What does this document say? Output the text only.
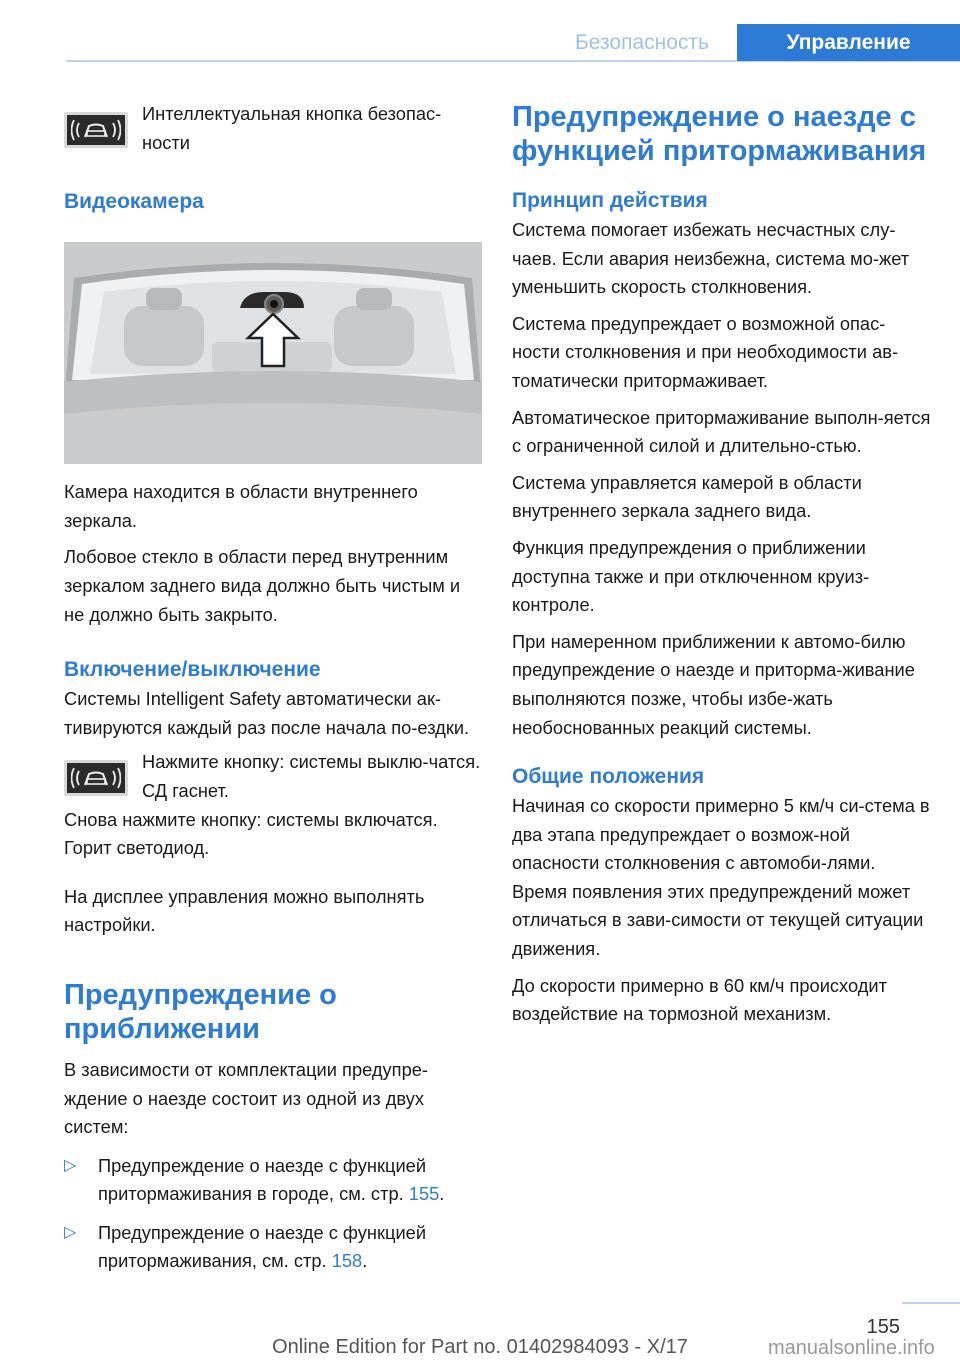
Безопасность	Управление

Интеллектуальная кнопка безопас-
ности

Видеокамера

Камера находится в области внутреннего зеркала.

Лобовое стекло в области перед внутренним зеркалом заднего вида должно быть чистым и не должно быть закрыто.

Включение/выключение

Системы Intelligent Safety автоматически ак-тивируются каждый раз после начала по-ездки.

Нажмите кнопку: системы выклю-чатся. СД гаснет.

Снова нажмите кнопку: системы включатся. Горит светодиод.

На дисплее управления можно выполнять настройки.

Предупреждение о приближении

В зависимости от комплектации предупре-ждение о наезде состоит из одной из двух систем:

▷	Предупреждение о наезде с функцией притормаживания в городе, см. стр. 155.

▷	Предупреждение о наезде с функцией притормаживания, см. стр. 158.

Предупреждение о наезде с функцией притормаживания
Принцип действия

Система помогает избежать несчастных слу-чаев. Если авария неизбежна, система мо-жет уменьшить скорость столкновения.

Система предупреждает о возможной опас-ности столкновения и при необходимости ав-томатически притормаживает.

Автоматическое притормаживание выполн-яется с ограниченной силой и длительно-стью.

Система управляется камерой в области внутреннего зеркала заднего вида.

Функция предупреждения о приближении доступна также и при отключенном круиз-контроле.

При намеренном приближении к автомо-билю предупреждение о наезде и приторма-живание выполняются позже, чтобы избе-жать необоснованных реакций системы.

Общие положения

Начиная со скорости примерно 5 км/ч си-стема в два этапа предупреждает о возмож-ной опасности столкновения с автомоби-лями. Время появления этих предупреждений может отличаться в зави-симости от текущей ситуации движения.

До скорости примерно в 60 км/ч происходит воздействие на тормозной механизм.

155
Online Edition for Part no. 01402984093 - X/17	manualsonline.info
